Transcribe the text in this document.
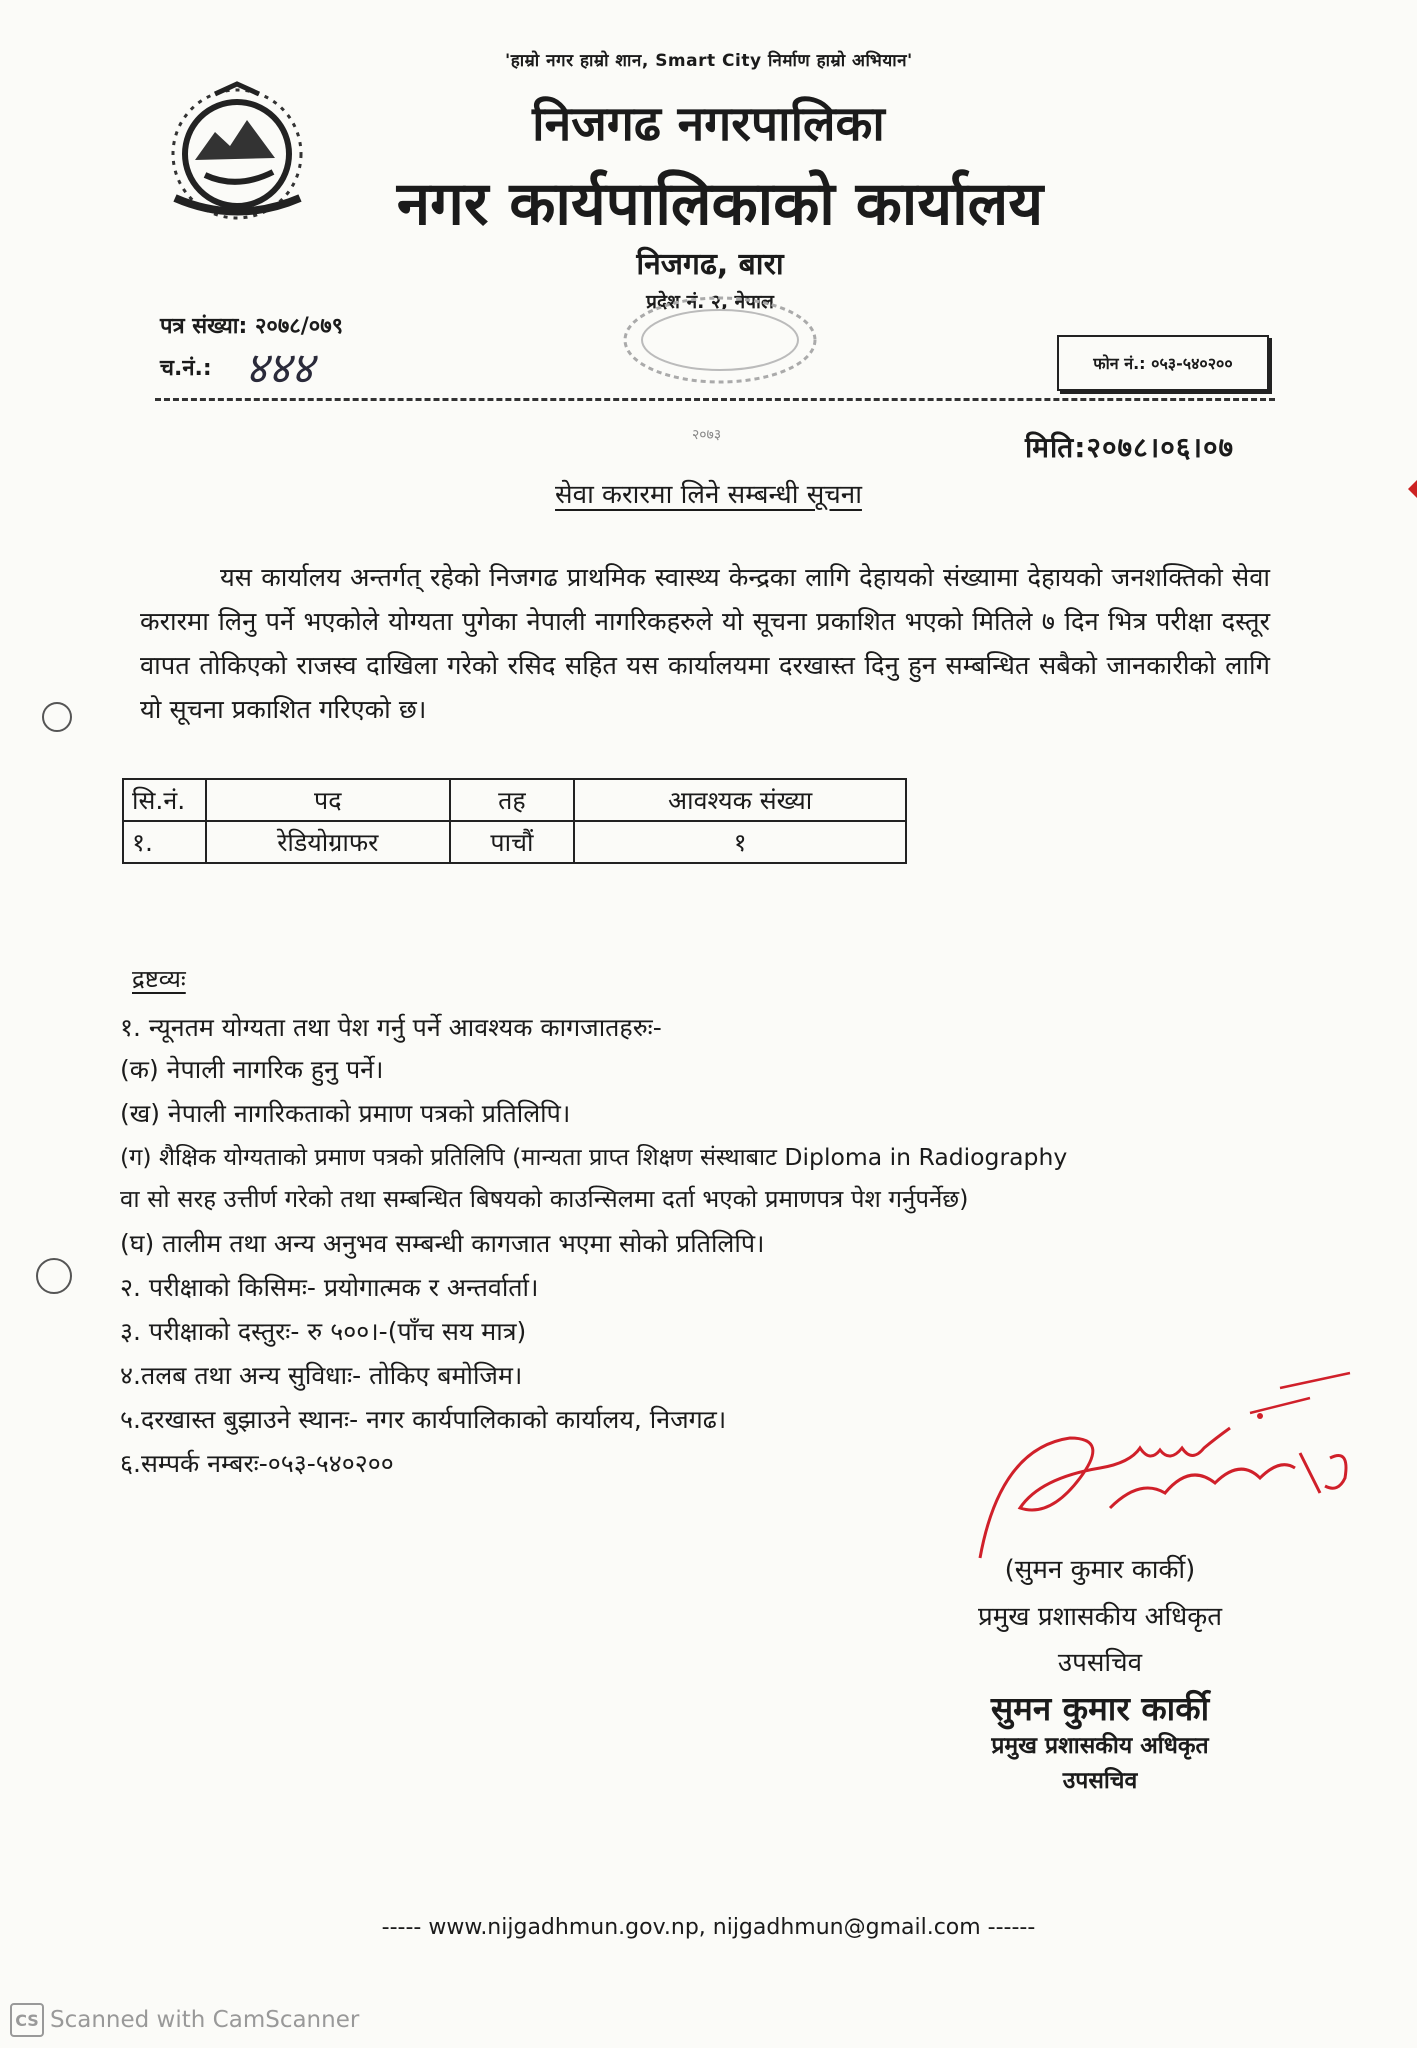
'हाम्रो नगर हाम्रो शान, Smart City निर्माण हाम्रो अभियान'
निजगढ नगरपालिका
नगर कार्यपालिकाको कार्यालय
निजगढ, बारा
प्रदेश नं. २, नेपाल
पत्र संख्या: २०७८/०७९
च.नं.: ४४४	फोन नं.: ०५३-५४०२००
२०७३	मिति:२०७८।०६।०७
सेवा करारमा लिने सम्बन्धी सूचना
यस कार्यालय अन्तर्गत् रहेको निजगढ प्राथमिक स्वास्थ्य केन्द्रका लागि देहायको संख्यामा देहायको जनशक्तिको सेवा करारमा लिनु पर्ने भएकोले योग्यता पुगेका नेपाली नागरिकहरुले यो सूचना प्रकाशित भएको मितिले ७ दिन भित्र परीक्षा दस्तूर वापत तोकिएको राजस्व दाखिला गरेको रसिद सहित यस कार्यालयमा दरखास्त दिनु हुन सम्बन्धित सबैको जानकारीको लागि यो सूचना प्रकाशित गरिएको छ।
सि.नं.	पद	तह	आवश्यक संख्या
१.	रेडियोग्राफर	पाचौं	१
द्रष्टव्यः
१. न्यूनतम योग्यता तथा पेश गर्नु पर्ने आवश्यक कागजातहरुः-
(क) नेपाली नागरिक हुनु पर्ने।
(ख) नेपाली नागरिकताको प्रमाण पत्रको प्रतिलिपि।
(ग) शैक्षिक योग्यताको प्रमाण पत्रको प्रतिलिपि (मान्यता प्राप्त शिक्षण संस्थाबाट Diploma in Radiography
वा सो सरह उत्तीर्ण गरेको तथा सम्बन्धित बिषयको काउन्सिलमा दर्ता भएको प्रमाणपत्र पेश गर्नुपर्नेछ)
(घ) तालीम तथा अन्य अनुभव सम्बन्धी कागजात भएमा सोको प्रतिलिपि।
२. परीक्षाको किसिमः- प्रयोगात्मक र अन्तर्वार्ता।
३. परीक्षाको दस्तुरः- रु ५००।-(पाँच सय मात्र)
४.तलब तथा अन्य सुविधाः- तोकिए बमोजिम।
५.दरखास्त बुझाउने स्थानः- नगर कार्यपालिकाको कार्यालय, निजगढ।
६.सम्पर्क नम्बरः-०५३-५४०२००
(सुमन कुमार कार्की)
प्रमुख प्रशासकीय अधिकृत
उपसचिव
सुमन कुमार कार्की
प्रमुख प्रशासकीय अधिकृत
उपसचिव
----- www.nijgadhmun.gov.np, nijgadhmun@gmail.com ------
CS Scanned with CamScanner
